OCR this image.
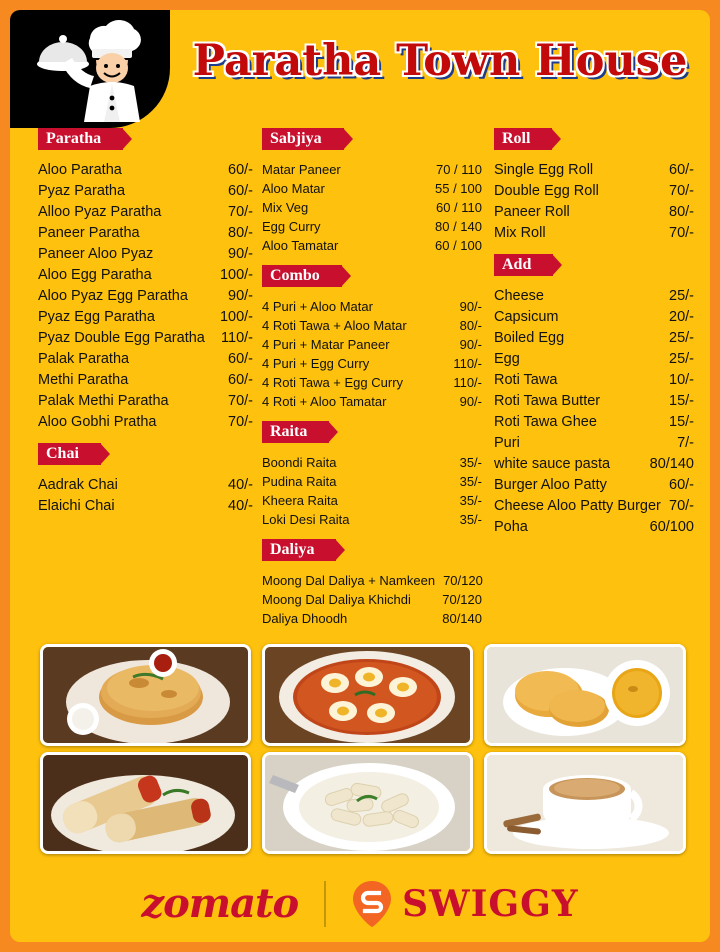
Paratha Town House
Paratha
Aloo Paratha	60/-
Pyaz Paratha	60/-
Alloo Pyaz Paratha	70/-
Paneer Paratha	80/-
Paneer Aloo Pyaz	90/-
Aloo Egg Paratha	100/-
Aloo Pyaz Egg Paratha	90/-
Pyaz Egg Paratha	100/-
Pyaz Double Egg Paratha	110/-
Palak Paratha	60/-
Methi Paratha	60/-
Palak Methi Paratha	70/-
Aloo Gobhi Pratha	70/-
Chai
Aadrak Chai	40/-
Elaichi Chai	40/-
Sabjiya
Matar Paneer	70 / 110
Aloo Matar	55 / 100
Mix Veg	60 / 110
Egg Curry	80 / 140
Aloo Tamatar	60 / 100
Combo
4 Puri + Aloo Matar	90/-
4 Roti Tawa + Aloo Matar	80/-
4 Puri + Matar Paneer	90/-
4 Puri + Egg Curry	110/-
4 Roti Tawa + Egg Curry	110/-
4 Roti + Aloo Tamatar	90/-
Raita
Boondi Raita	35/-
Pudina Raita	35/-
Kheera Raita	35/-
Loki Desi Raita	35/-
Daliya
Moong Dal Daliya + Namkeen 70/120
Moong Dal Daliya Khichdi	70/120
Daliya Dhoodh	80/140
Roll
Single Egg Roll	60/-
Double Egg Roll	70/-
Paneer Roll	80/-
Mix Roll	70/-
Add
Cheese	25/-
Capsicum	20/-
Boiled Egg	25/-
Egg	25/-
Roti Tawa	10/-
Roti Tawa Butter	15/-
Roti Tawa Ghee	15/-
Puri	7/-
white sauce pasta	80/140
Burger Aloo Patty	60/-
Cheese Aloo Patty Burger 70/-
Poha	60/100
zomato	SWIGGY
